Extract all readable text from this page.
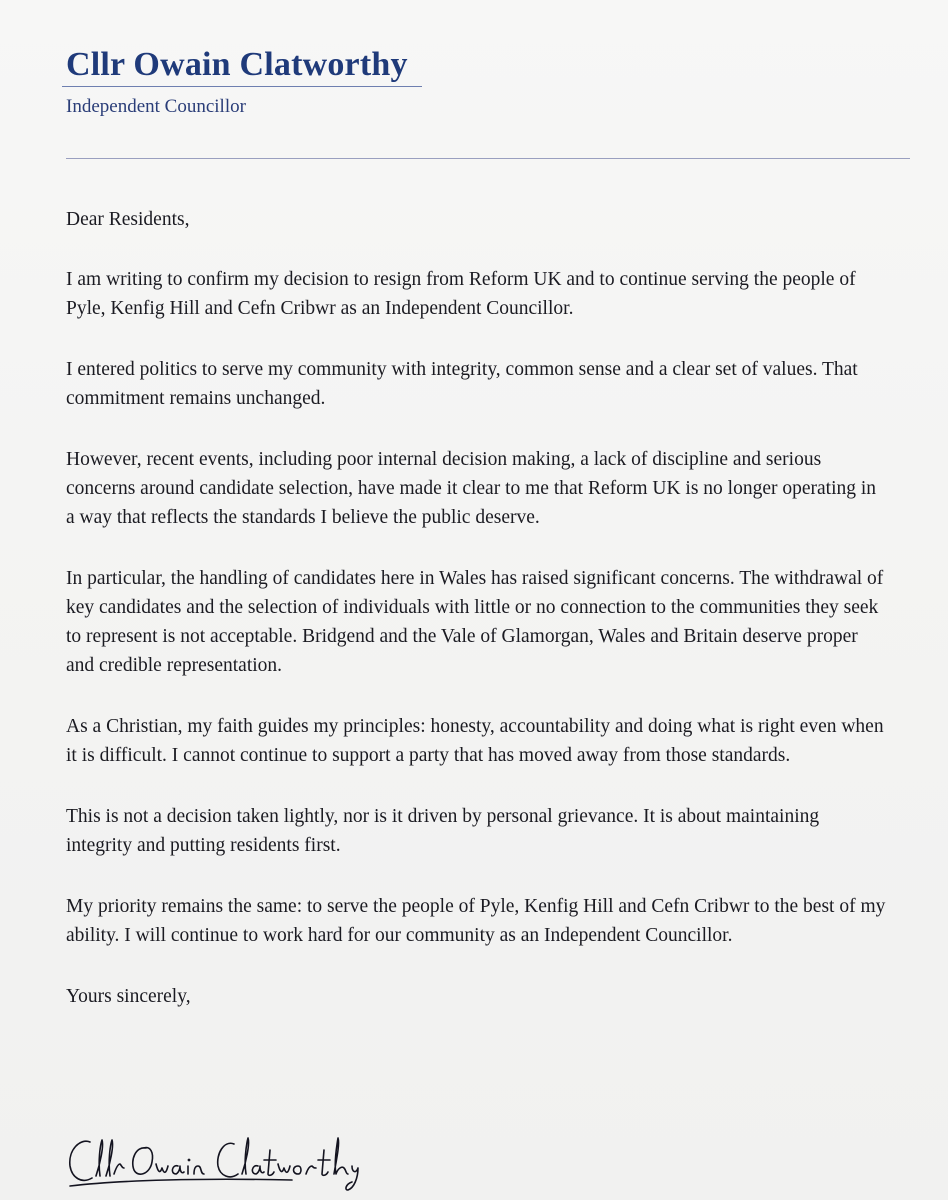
Cllr Owain Clatworthy

Independent Councillor

Dear Residents,

I am writing to confirm my decision to resign from Reform UK and to continue serving the people of Pyle, Kenfig Hill and Cefn Cribwr as an Independent Councillor.

I entered politics to serve my community with integrity, common sense and a clear set of values. That commitment remains unchanged.

However, recent events, including poor internal decision making, a lack of discipline and serious concerns around candidate selection, have made it clear to me that Reform UK is no longer operating in a way that reflects the standards I believe the public deserve.

In particular, the handling of candidates here in Wales has raised significant concerns. The withdrawal of key candidates and the selection of individuals with little or no connection to the communities they seek to represent is not acceptable. Bridgend and the Vale of Glamorgan, Wales and Britain deserve proper and credible representation.

As a Christian, my faith guides my principles: honesty, accountability and doing what is right even when it is difficult. I cannot continue to support a party that has moved away from those standards.

This is not a decision taken lightly, nor is it driven by personal grievance. It is about maintaining integrity and putting residents first.

My priority remains the same: to serve the people of Pyle, Kenfig Hill and Cefn Cribwr to the best of my ability. I will continue to work hard for our community as an Independent Councillor.

Yours sincerely,
